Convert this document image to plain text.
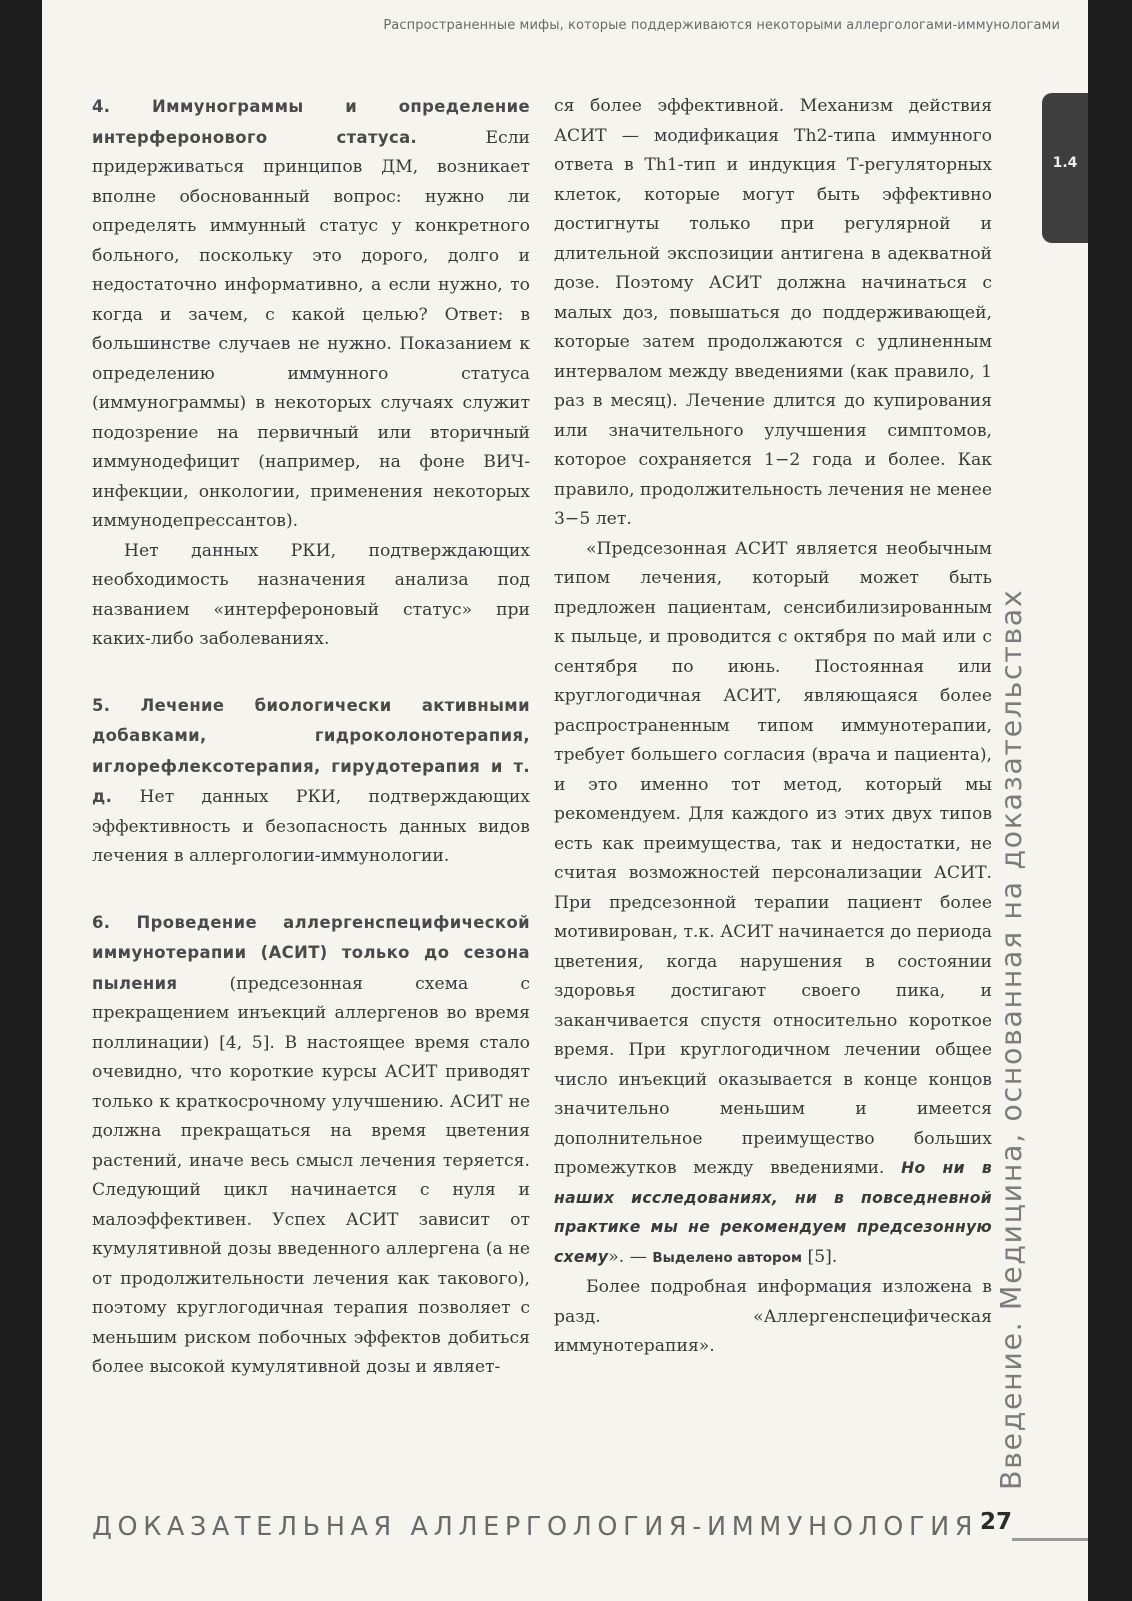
Распространенные мифы, которые поддерживаются некоторыми аллергологами-иммунологами
1.4

4. Иммунограммы и определение интерферонового статуса. Если придерживаться принципов ДМ, возникает вполне обоснованный вопрос: нужно ли определять иммунный статус у конкретного больного, поскольку это дорого, долго и недостаточно информативно, а если нужно, то когда и зачем, с какой целью? Ответ: в большинстве случаев не нужно. Показанием к определению иммунного статуса (иммунограммы) в некоторых случаях служит подозрение на первичный или вторичный иммунодефицит (например, на фоне ВИЧ-инфекции, онкологии, применения некоторых иммунодепрессантов).

Нет данных РКИ, подтверждающих необходимость назначения анализа под названием «интерфероновый статус» при каких-либо заболеваниях.

5. Лечение биологически активными добавками, гидроколонотерапия, иглорефлексотерапия, гирудотерапия и т. д. Нет данных РКИ, подтверждающих эффективность и безопасность данных видов лечения в аллергологии-иммунологии.

6. Проведение аллергенспецифической иммунотерапии (АСИТ) только до сезона пыления (предсезонная схема с прекращением инъекций аллергенов во время поллинации) [4, 5]. В настоящее время стало очевидно, что короткие курсы АСИТ приводят только к краткосрочному улучшению. АСИТ не должна прекращаться на время цветения растений, иначе весь смысл лечения теряется. Следующий цикл начинается с нуля и малоэффективен. Успех АСИТ зависит от кумулятивной дозы введенного аллергена (а не от продолжительности лечения как такового), поэтому круглогодичная терапия позволяет с меньшим риском побочных эффектов добиться более высокой кумулятивной дозы и являет-

ся более эффективной. Механизм действия АСИТ — модификация Th2-типа иммунного ответа в Th1-тип и индукция Т-регуляторных клеток, которые могут быть эффективно достигнуты только при регулярной и длительной экспозиции антигена в адекватной дозе. Поэтому АСИТ должна начинаться с малых доз, повышаться до поддерживающей, которые затем продолжаются с удлиненным интервалом между введениями (как правило, 1 раз в месяц). Лечение длится до купирования или значительного улучшения симптомов, которое сохраняется 1−2 года и более. Как правило, продолжительность лечения не менее 3−5 лет.

«Предсезонная АСИТ является необычным типом лечения, который может быть предложен пациентам, сенсибилизированным к пыльце, и проводится с октября по май или с сентября по июнь. Постоянная или круглогодичная АСИТ, являющаяся более распространенным типом иммунотерапии, требует большего согласия (врача и пациента), и это именно тот метод, который мы рекомендуем. Для каждого из этих двух типов есть как преимущества, так и недостатки, не считая возможностей персонализации АСИТ. При предсезонной терапии пациент более мотивирован, т.к. АСИТ начинается до периода цветения, когда нарушения в состоянии здоровья достигают своего пика, и заканчивается спустя относительно короткое время. При круглогодичном лечении общее число инъекций оказывается в конце концов значительно меньшим и имеется дополнительное преимущество больших промежутков между введениями. Но ни в наших исследованиях, ни в повседневной практике мы не рекомендуем предсезонную схему». — Выделено автором [5].

Более подробная информация изложена в разд. «Аллергенспецифическая иммунотерапия».	Введение. Медицина, основанная на доказательствах
ДОКАЗАТЕЛЬНАЯ АЛЛЕРГОЛОГИЯ-ИММУНОЛОГИЯ 27
